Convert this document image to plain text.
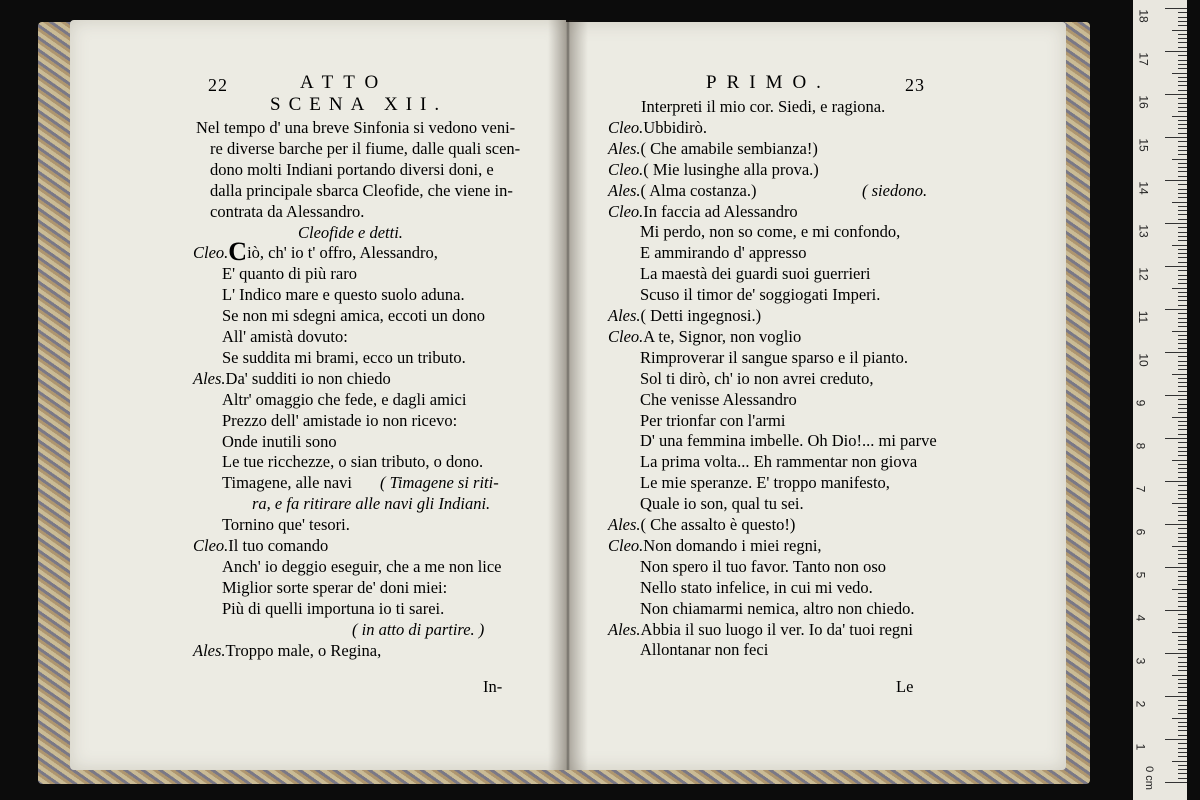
22	ATTO
SCENA XII.
Nel tempo d' una breve Sinfonia si vedono veni-
re diverse barche per il fiume, dalle quali scen-
dono molti Indiani portando diversi doni, e
dalla principale sbarca Cleofide, che viene in-
contrata da Alessandro.
Cleofide e detti.
Cleo.Ciò, ch' io t' offro, Alessandro,
E' quanto di più raro
L' Indico mare e questo suolo aduna.
Se non mi sdegni amica, eccoti un dono
All' amistà dovuto:
Se suddita mi brami, ecco un tributo.
Ales.Da' sudditi io non chiedo
Altr' omaggio che fede, e dagli amici
Prezzo dell' amistade io non ricevo:
Onde inutili sono
Le tue ricchezze, o sian tributo, o dono.
Timagene, alle navi ( Timagene si riti-
ra, e fa ritirare alle navi gli Indiani.
Tornino que' tesori.
Cleo.Il tuo comando
Anch' io deggio eseguir, che a me non lice
Miglior sorte sperar de' doni miei:
Più di quelli importuna io ti sarei.
( in atto di partire. )
Ales.Troppo male, o Regina,
In-
PRIMO.	23
Interpreti il mio cor. Siedi, e ragiona.
Cleo.Ubbidirò.
Ales.( Che amabile sembianza!)
Cleo.( Mie lusinghe alla prova.)
Ales.( Alma costanza.)	( siedono.
Cleo.In faccia ad Alessandro
Mi perdo, non so come, e mi confondo,
E ammirando d' appresso
La maestà dei guardi suoi guerrieri
Scuso il timor de' soggiogati Imperi.
Ales.( Detti ingegnosi.)
Cleo.A te, Signor, non voglio
Rimproverar il sangue sparso e il pianto.
Sol ti dirò, ch' io non avrei creduto,
Che venisse Alessandro
Per trionfar con l'armi
D' una femmina imbelle. Oh Dio!... mi parve
La prima volta... Eh rammentar non giova
Le mie speranze. E' troppo manifesto,
Quale io son, qual tu sei.
Ales.( Che assalto è questo!)
Cleo.Non domando i miei regni,
Non spero il tuo favor. Tanto non oso
Nello stato infelice, in cui mi vedo.
Non chiamarmi nemica, altro non chiedo.
Ales.Abbia il suo luogo il ver. Io da' tuoi regni
Allontanar non feci
Le
0 cm
18
17
16
15
14
13
12
11
10
9
8
7
6
5
4
3
2
1
